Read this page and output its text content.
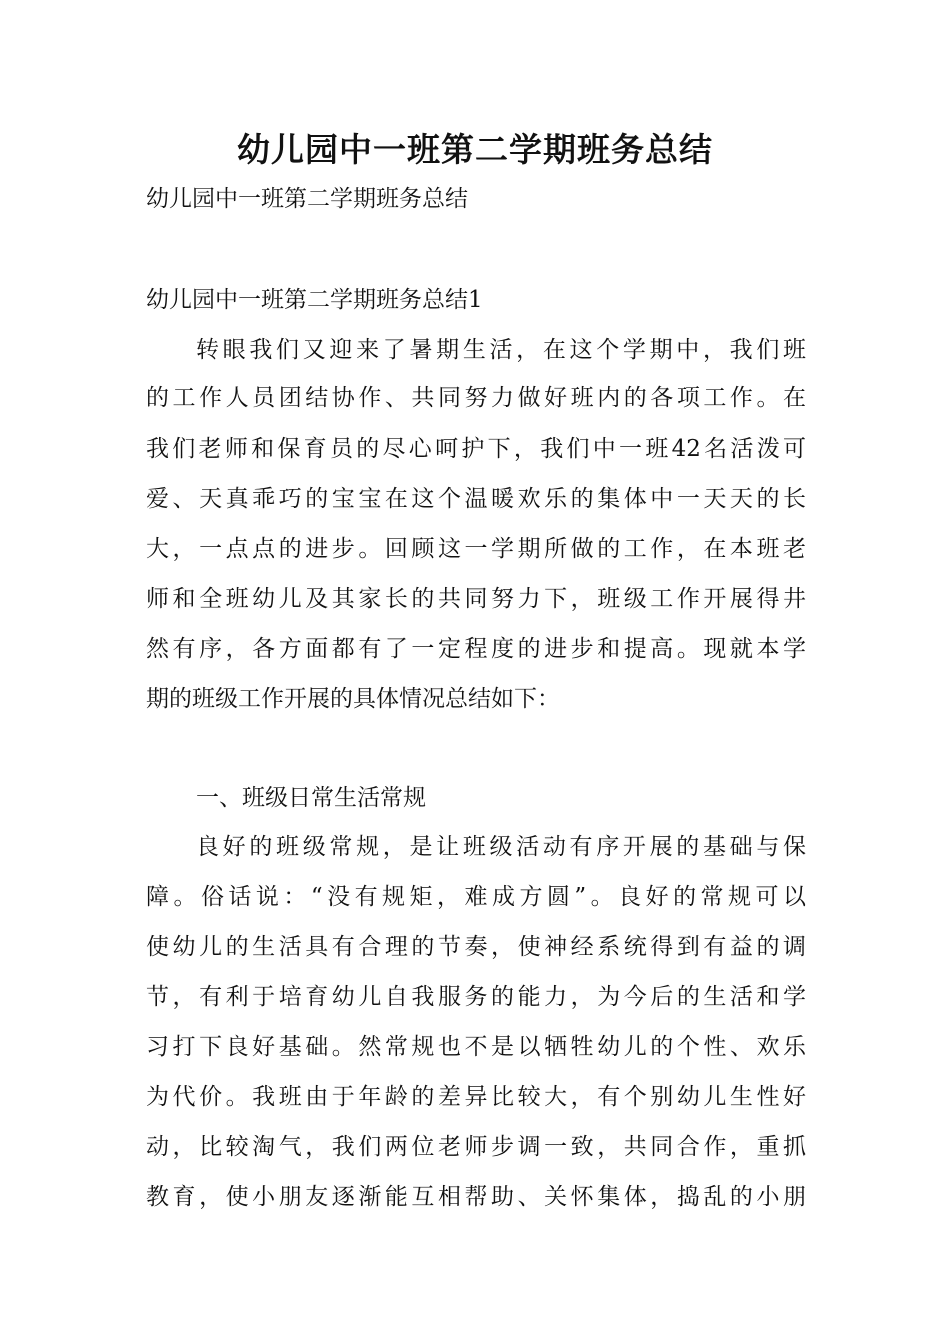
幼儿园中一班第二学期班务总结
幼儿园中一班第二学期班务总结
幼儿园中一班第二学期班务总结1
转眼我们又迎来了暑期生活，在这个学期中，我们班
的工作人员团结协作、共同努力做好班内的各项工作。在
我们老师和保育员的尽心呵护下，我们中一班42名活泼可
爱、天真乖巧的宝宝在这个温暖欢乐的集体中一天天的长
大，一点点的进步。回顾这一学期所做的工作，在本班老
师和全班幼儿及其家长的共同努力下，班级工作开展得井
然有序，各方面都有了一定程度的进步和提高。现就本学
期的班级工作开展的具体情况总结如下：
一、班级日常生活常规
良好的班级常规，是让班级活动有序开展的基础与保
障。俗话说：“没有规矩，难成方圆”。良好的常规可以
使幼儿的生活具有合理的节奏，使神经系统得到有益的调
节，有利于培育幼儿自我服务的能力，为今后的生活和学
习打下良好基础。然常规也不是以牺牲幼儿的个性、欢乐
为代价。我班由于年龄的差异比较大，有个别幼儿生性好
动，比较淘气，我们两位老师步调一致，共同合作，重抓
教育，使小朋友逐渐能互相帮助、关怀集体，捣乱的小朋
